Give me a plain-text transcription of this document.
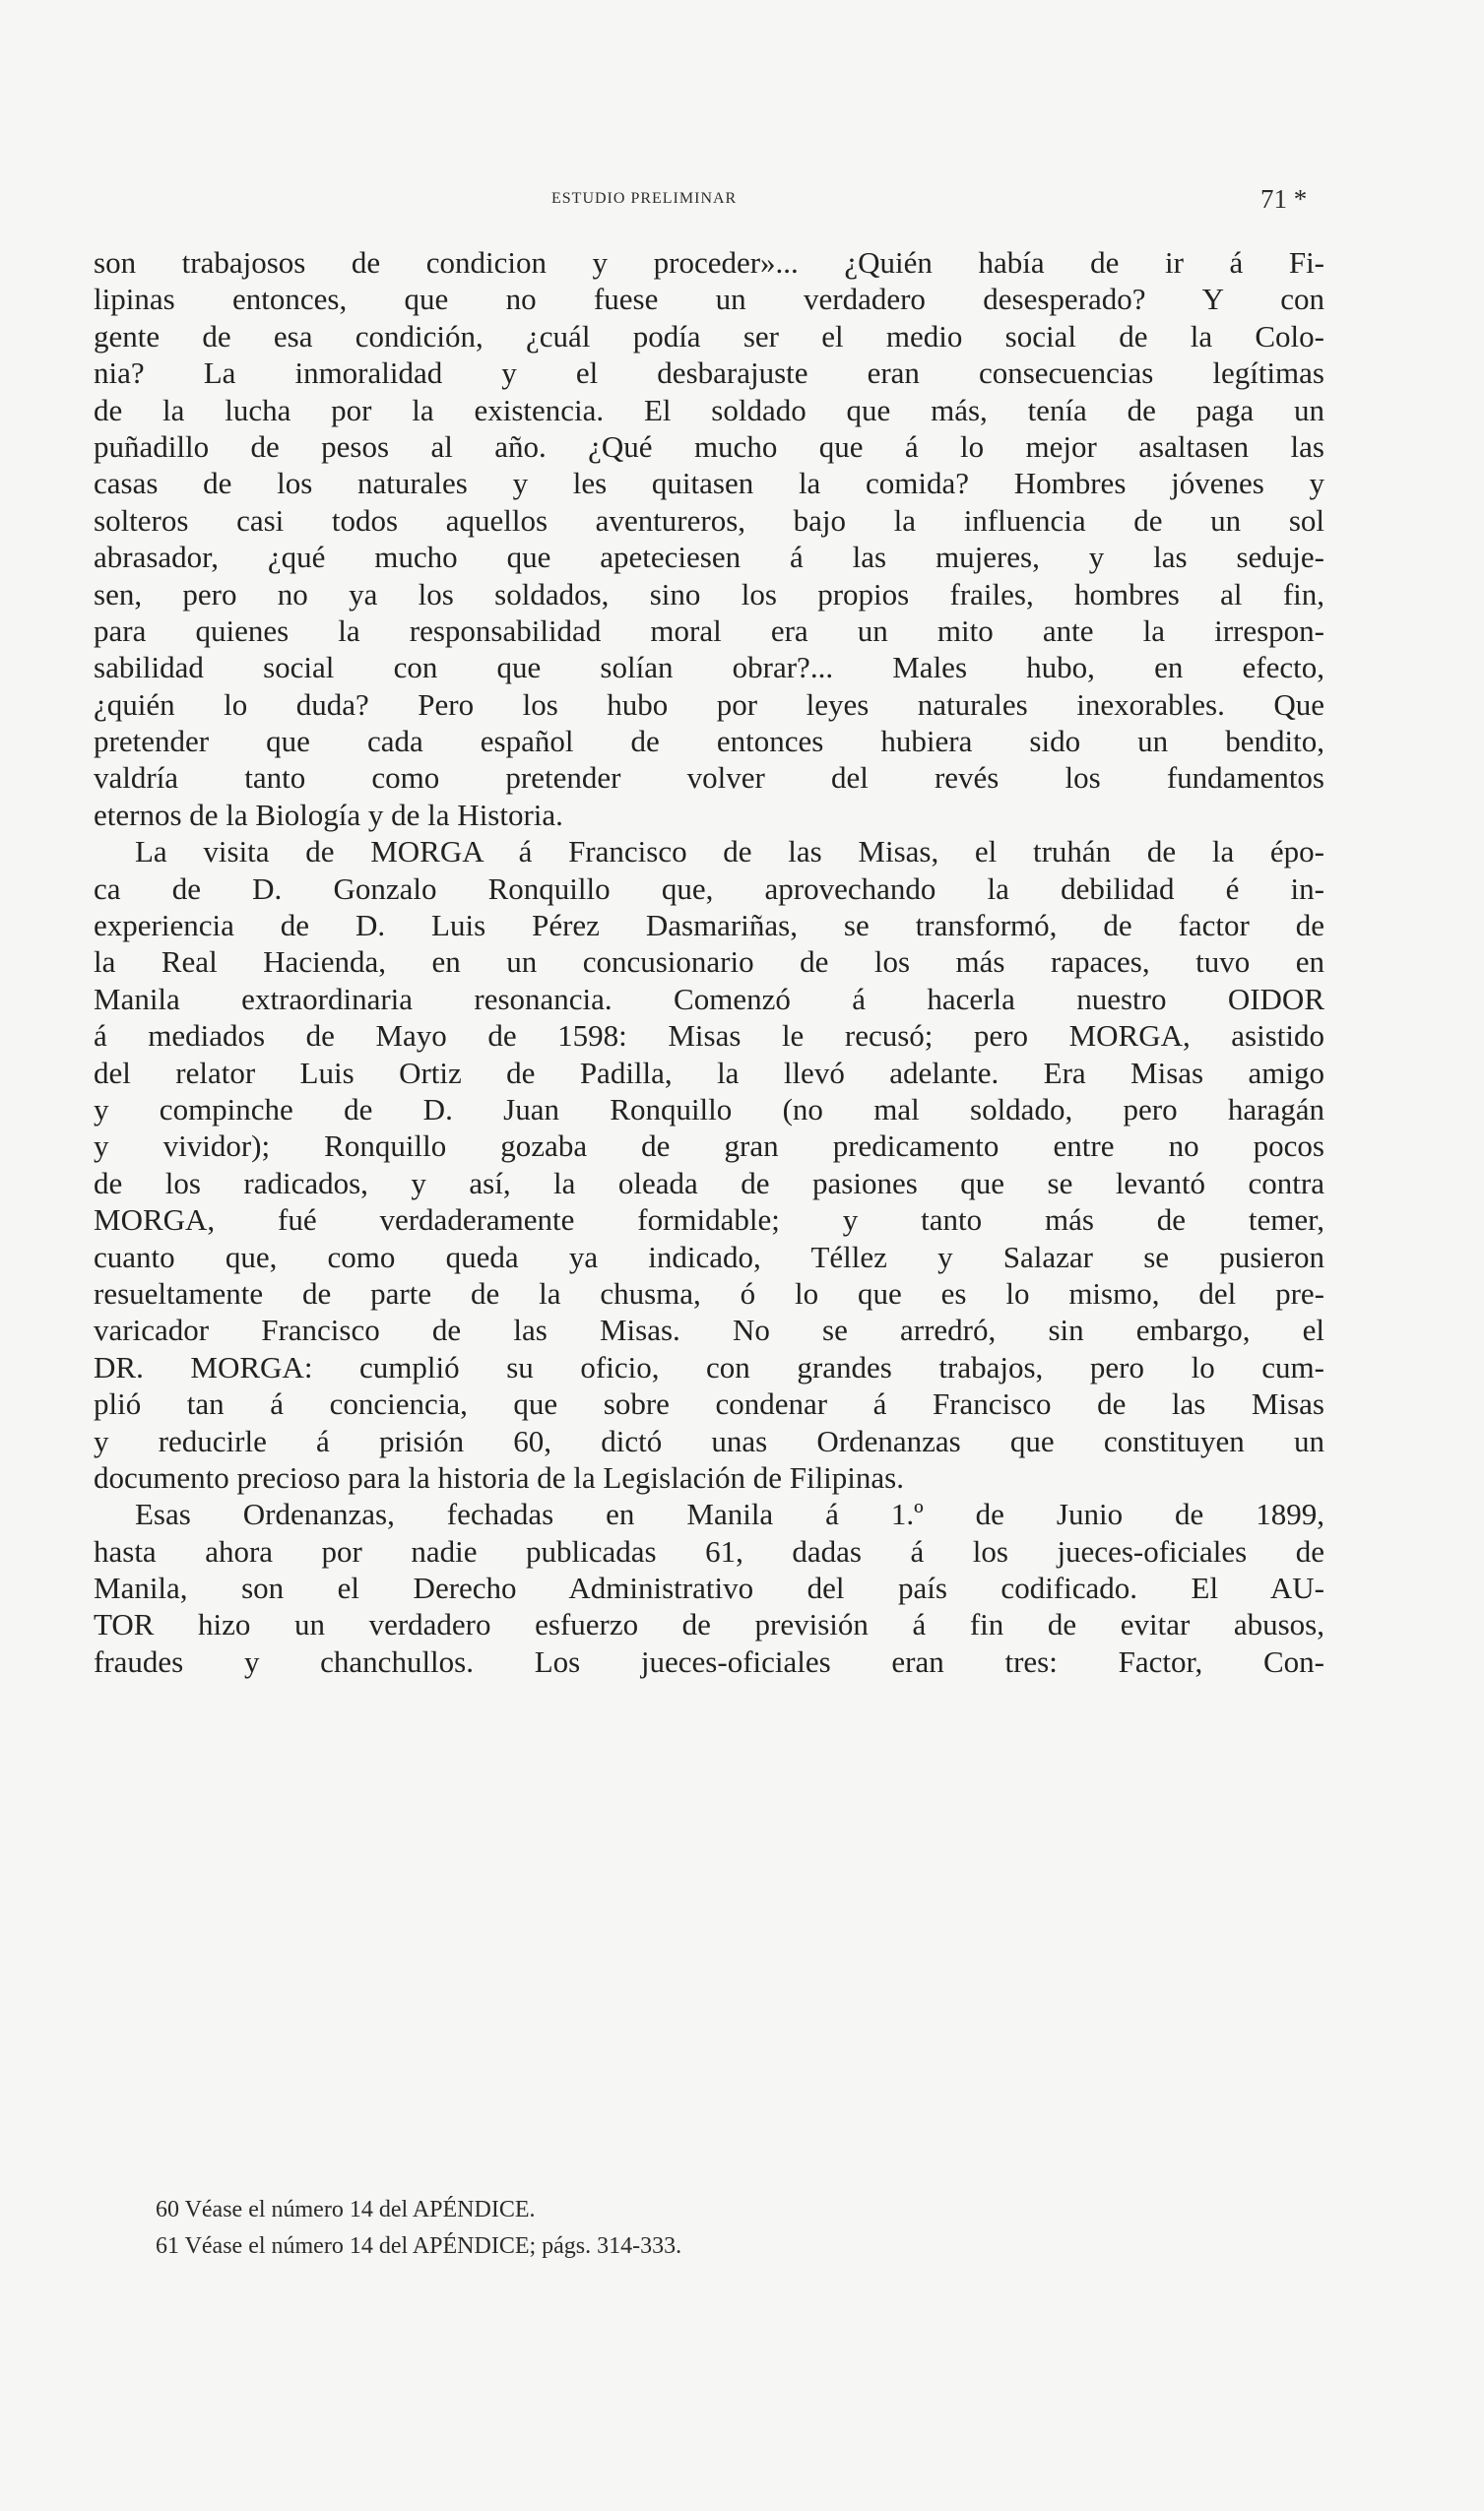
ESTUDIO PRELIMINAR	71 *
son trabajosos de condicion y proceder»... ¿Quién había de ir á Fi-
lipinas entonces, que no fuese un verdadero desesperado? Y con
gente de esa condición, ¿cuál podía ser el medio social de la Colo-
nia? La inmoralidad y el desbarajuste eran consecuencias legítimas
de la lucha por la existencia. El soldado que más, tenía de paga un
puñadillo de pesos al año. ¿Qué mucho que á lo mejor asaltasen las
casas de los naturales y les quitasen la comida? Hombres jóvenes y
solteros casi todos aquellos aventureros, bajo la influencia de un sol
abrasador, ¿qué mucho que apeteciesen á las mujeres, y las seduje-
sen, pero no ya los soldados, sino los propios frailes, hombres al fin,
para quienes la responsabilidad moral era un mito ante la irrespon-
sabilidad social con que solían obrar?... Males hubo, en efecto,
¿quién lo duda? Pero los hubo por leyes naturales inexorables. Que
pretender que cada español de entonces hubiera sido un bendito,
valdría tanto como pretender volver del revés los fundamentos
eternos de la Biología y de la Historia.
La visita de MORGA á Francisco de las Misas, el truhán de la épo-
ca de D. Gonzalo Ronquillo que, aprovechando la debilidad é in-
experiencia de D. Luis Pérez Dasmariñas, se transformó, de factor de
la Real Hacienda, en un concusionario de los más rapaces, tuvo en
Manila extraordinaria resonancia. Comenzó á hacerla nuestro OIDOR
á mediados de Mayo de 1598: Misas le recusó; pero MORGA, asistido
del relator Luis Ortiz de Padilla, la llevó adelante. Era Misas amigo
y compinche de D. Juan Ronquillo (no mal soldado, pero haragán
y vividor); Ronquillo gozaba de gran predicamento entre no pocos
de los radicados, y así, la oleada de pasiones que se levantó contra
MORGA, fué verdaderamente formidable; y tanto más de temer,
cuanto que, como queda ya indicado, Téllez y Salazar se pusieron
resueltamente de parte de la chusma, ó lo que es lo mismo, del pre-
varicador Francisco de las Misas. No se arredró, sin embargo, el
DR. MORGA: cumplió su oficio, con grandes trabajos, pero lo cum-
plió tan á conciencia, que sobre condenar á Francisco de las Misas
y reducirle á prisión 60, dictó unas Ordenanzas que constituyen un
documento precioso para la historia de la Legislación de Filipinas.
Esas Ordenanzas, fechadas en Manila á 1.º de Junio de 1899,
hasta ahora por nadie publicadas 61, dadas á los jueces-oficiales de
Manila, son el Derecho Administrativo del país codificado. El AU-
TOR hizo un verdadero esfuerzo de previsión á fin de evitar abusos,
fraudes y chanchullos. Los jueces-oficiales eran tres: Factor, Con-
60 Véase el número 14 del APÉNDICE.
61 Véase el número 14 del APÉNDICE; págs. 314-333.
